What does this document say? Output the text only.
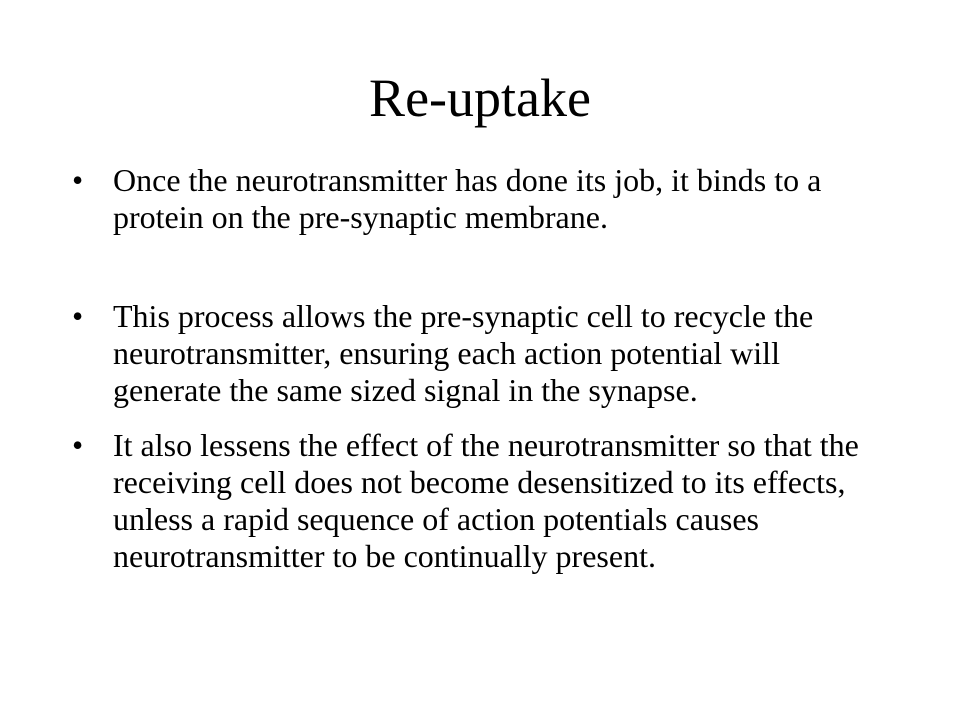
Re-uptake
• Once the neurotransmitter has done its job, it binds to a protein on the pre-synaptic membrane.
• This process allows the pre-synaptic cell to recycle the neurotransmitter, ensuring each action potential will generate the same sized signal in the synapse.
• It also lessens the effect of the neurotransmitter so that the receiving cell does not become desensitized to its effects, unless a rapid sequence of action potentials causes neurotransmitter to be continually present.
